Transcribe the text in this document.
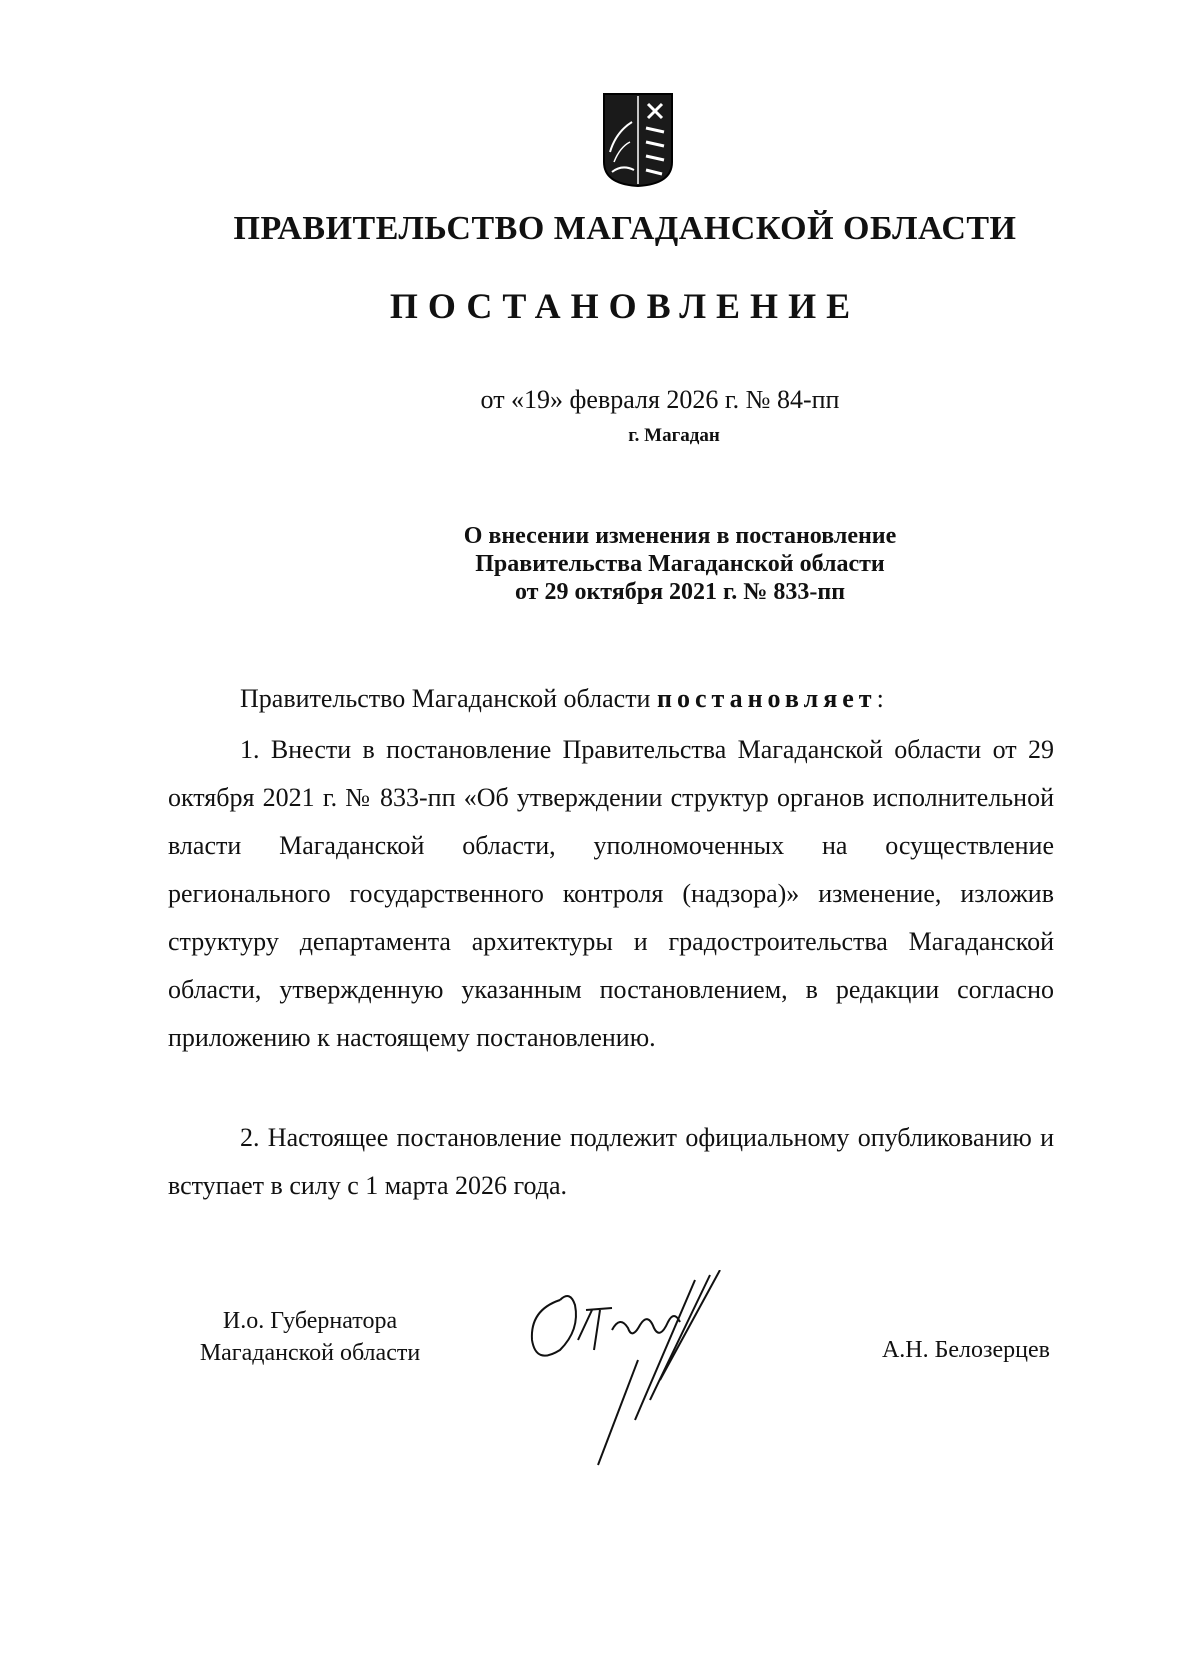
ПРАВИТЕЛЬСТВО МАГАДАНСКОЙ ОБЛАСТИ
ПОСТАНОВЛЕНИЕ
от «19» февраля 2026 г. № 84-пп
г. Магадан
О внесении изменения в постановление
Правительства Магаданской области
от 29 октября 2021 г. № 833-пп
Правительство Магаданской области постановляет:
1. Внести в постановление Правительства Магаданской области от 29 октября 2021 г. № 833-пп «Об утверждении структур органов исполнительной власти Магаданской области, уполномоченных на осуществление регионального государственного контроля (надзора)» изменение, изложив структуру департамента архитектуры и градостроительства Магаданской области, утвержденную указанным постановлением, в редакции согласно приложению к настоящему постановлению.
2. Настоящее постановление подлежит официальному опубликованию и вступает в силу с 1 марта 2026 года.
И.о. Губернатора
Магаданской области	А.Н. Белозерцев
